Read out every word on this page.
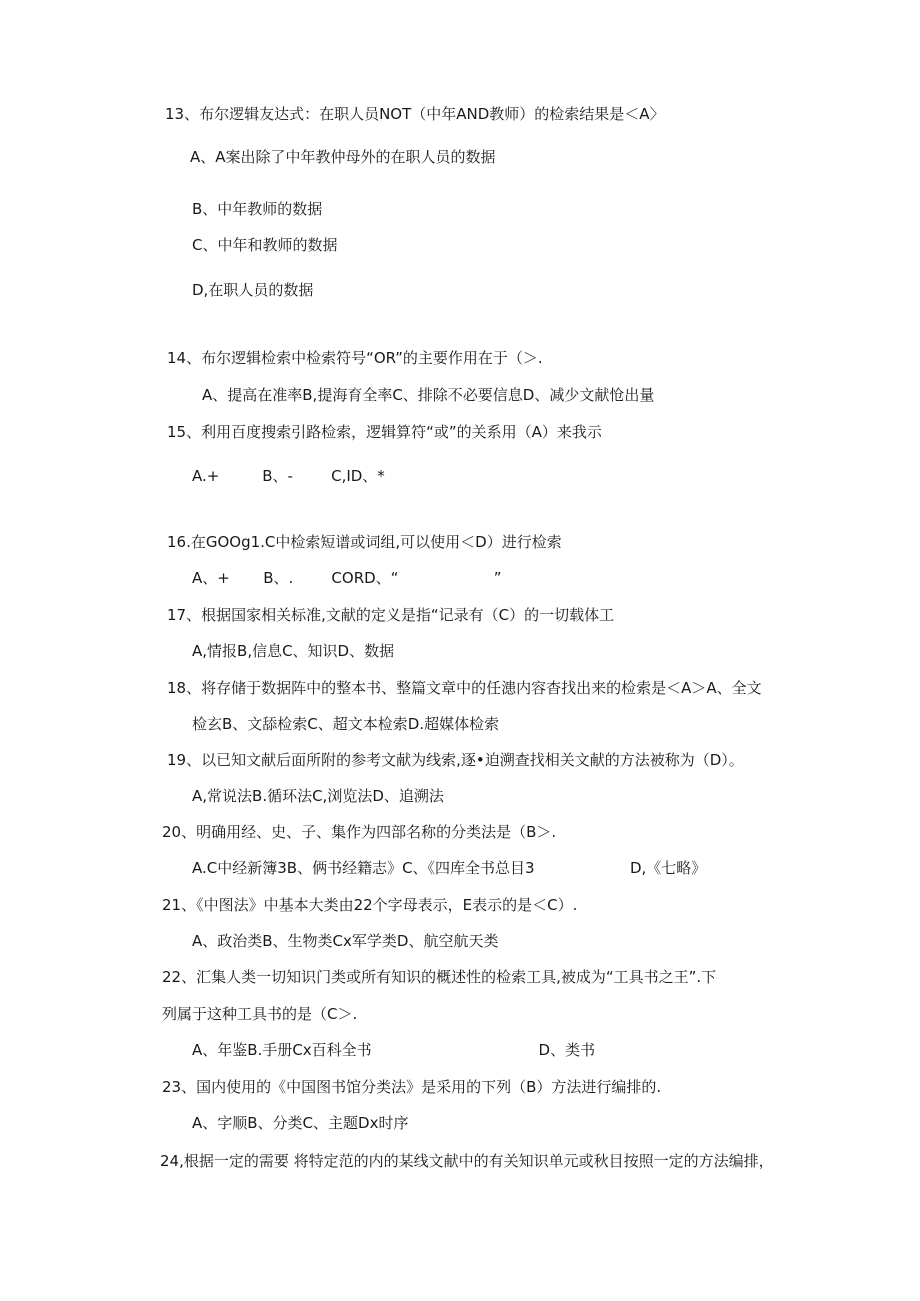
13、布尔逻辑友达式：在职人员NOT（中年AND教师）的检索结果是＜A〉

A、A案出除了中年教仲母外的在职人员的数据

B、中年教师的数据

C、中年和教师的数据

D,在职人员的数据

14、布尔逻辑检索中检索符号“OR”的主要作用在于（＞.

A、提高在准率B,提海育全率C、排除不必要信息D、减少文献怆出量

15、利用百度搜索引路检索，逻辑算符“或”的关系用（A）来我示

A.+         B、-        C,ID、*

16.在GOOg1.C中检索短谱或词组,可以使用＜D）进行检索

A、+       B、.        CORD、“                    ”

17、根据国家相关标准,文献的定义是指“记录有（C）的一切载体工

A,情报B,信息C、知识D、数据

18、将存储于数据阵中的整本书、整篇文章中的任漶内容杳找出来的检索是＜A＞A、全文

检玄B、文舔检索C、超文本检索D.超媒体检索

19、以已知文献后面所附的参考文献为线索,逐•迫溯查找相关文献的方法被称为（D）。

A,常说法B.循环法C,浏览法D、追溯法

20、明确用经、史、子、集作为四部名称的分类法是（B＞.

A.C中经新簿3B、俩书经籍志》C、《四库全书总目3                    D,《七略》

21、《中图法》中基本大类由22个字母表示，E表示的是＜C）.

A、政治类B、生物类Cx军学类D、航空航天类

22、汇集人类一切知识门类或所有知识的概述性的检索工具,被成为“工具书之王”.下

列属于这种工具书的是（C＞.

A、年鉴B.手册Cx百科全书                                   D、类书

23、国内使用的《中国图书馆分类法》是采用的下列（B）方法进行编排的.

A、字顺B、分类C、主题Dx时序

24,根据一定的需要 将特定范的内的某线文献中的有关知识单元或秋目按照一定的方法编排，
